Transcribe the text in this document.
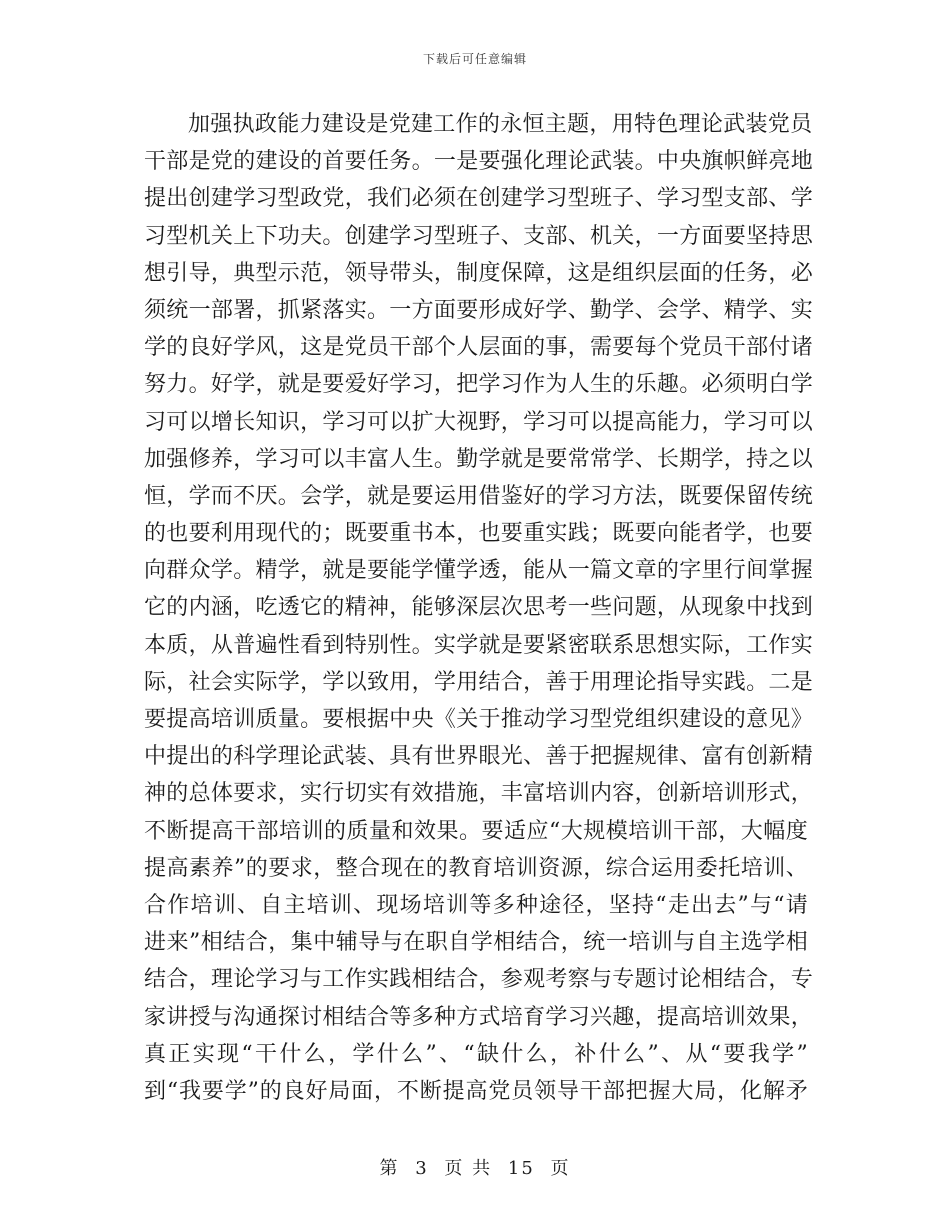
下载后可任意编辑
加强执政能力建设是党建工作的永恒主题，用特色理论武装党员
干部是党的建设的首要任务。一是要强化理论武装。中央旗帜鲜亮地
提出创建学习型政党，我们必须在创建学习型班子、学习型支部、学
习型机关上下功夫。创建学习型班子、支部、机关，一方面要坚持思
想引导，典型示范，领导带头，制度保障，这是组织层面的任务，必
须统一部署，抓紧落实。一方面要形成好学、勤学、会学、精学、实
学的良好学风，这是党员干部个人层面的事，需要每个党员干部付诸
努力。好学，就是要爱好学习，把学习作为人生的乐趣。必须明白学
习可以增长知识，学习可以扩大视野，学习可以提高能力，学习可以
加强修养，学习可以丰富人生。勤学就是要常常学、长期学，持之以
恒，学而不厌。会学，就是要运用借鉴好的学习方法，既要保留传统
的也要利用现代的；既要重书本，也要重实践；既要向能者学，也要
向群众学。精学，就是要能学懂学透，能从一篇文章的字里行间掌握
它的内涵，吃透它的精神，能够深层次思考一些问题，从现象中找到
本质，从普遍性看到特别性。实学就是要紧密联系思想实际，工作实
际，社会实际学，学以致用，学用结合，善于用理论指导实践。二是
要提高培训质量。要根据中央《关于推动学习型党组织建设的意见》
中提出的科学理论武装、具有世界眼光、善于把握规律、富有创新精
神的总体要求，实行切实有效措施，丰富培训内容，创新培训形式，
不断提高干部培训的质量和效果。要适应“大规模培训干部，大幅度
提高素养”的要求，整合现在的教育培训资源，综合运用委托培训、
合作培训、自主培训、现场培训等多种途径，坚持“走出去”与“请
进来”相结合，集中辅导与在职自学相结合，统一培训与自主选学相
结合，理论学习与工作实践相结合，参观考察与专题讨论相结合，专
家讲授与沟通探讨相结合等多种方式培育学习兴趣，提高培训效果，
真正实现“干什么，学什么”、“缺什么，补什么”、从“要我学”
到“我要学”的良好局面，不断提高党员领导干部把握大局，化解矛
第 3 页 共 15 页
